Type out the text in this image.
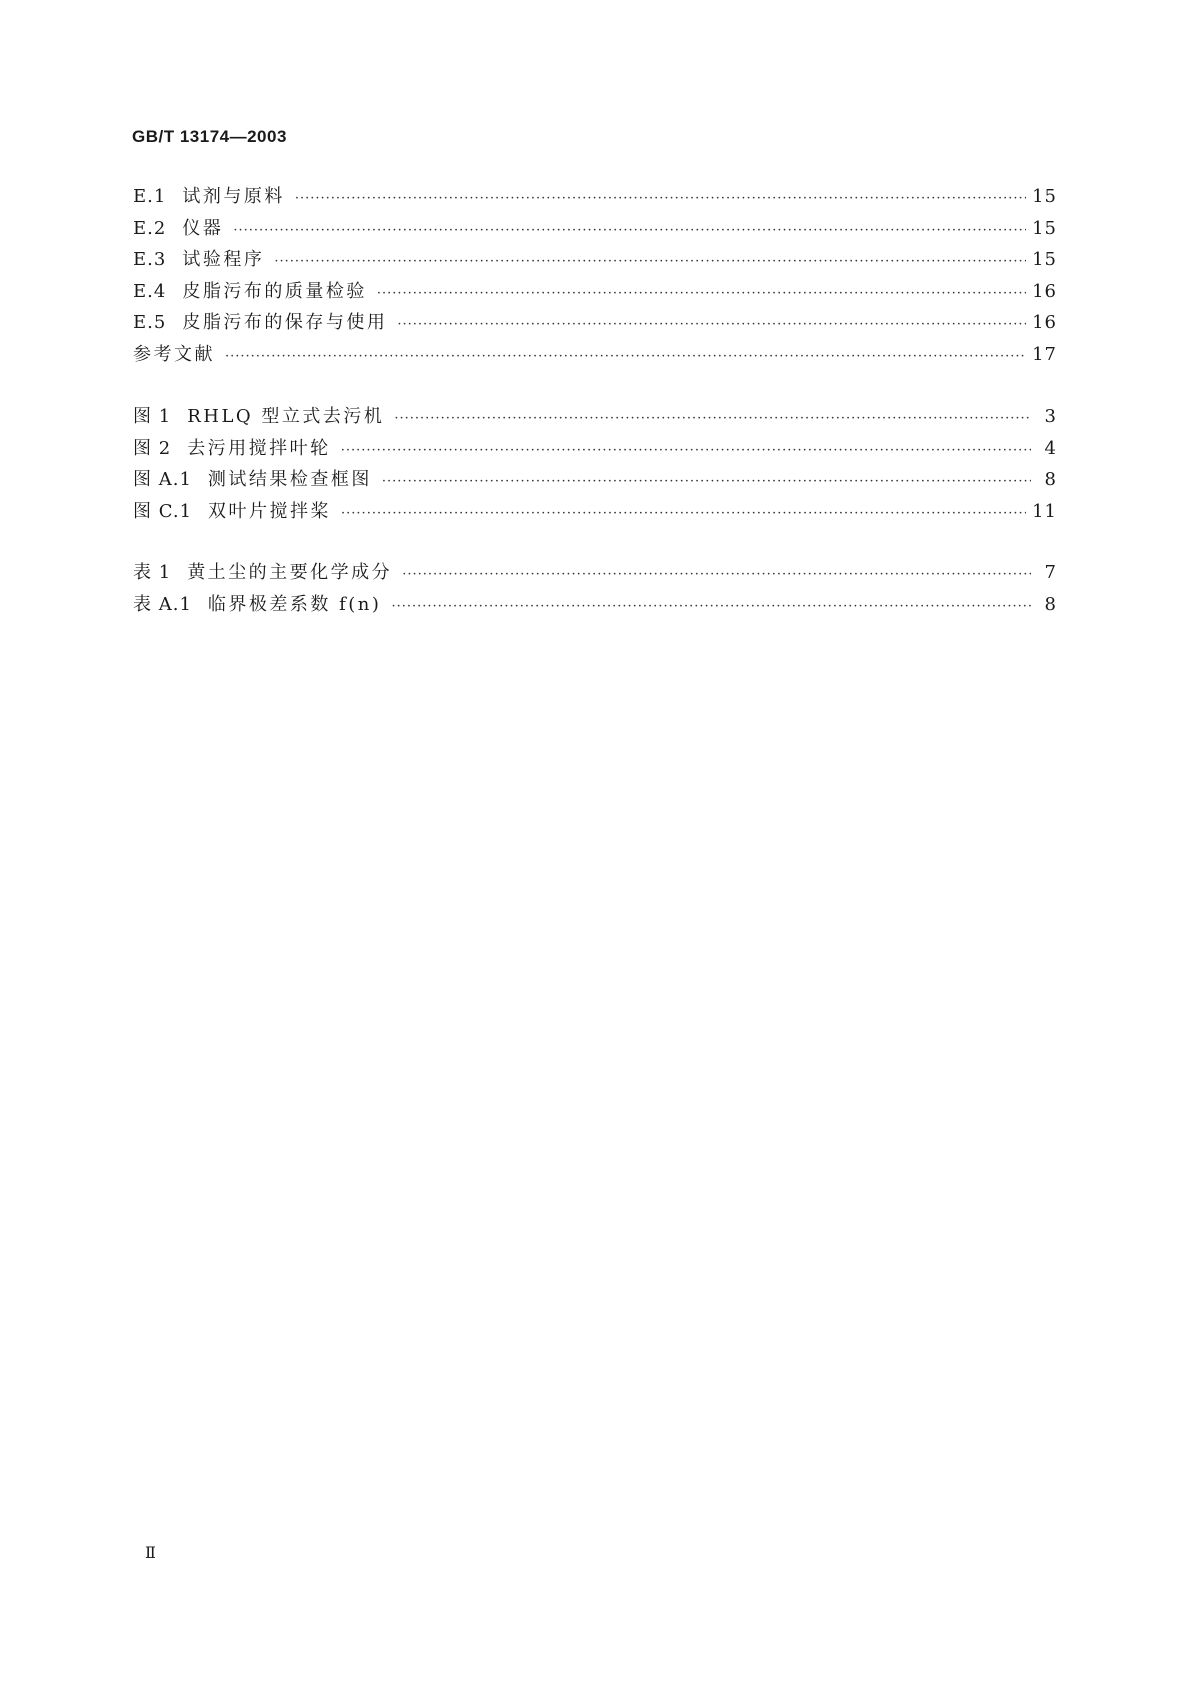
GB/T 13174—2003
E.1 试剂与原料 ·····	15
E.2 仪器 ·····	15
E.3 试验程序 ·····	15
E.4 皮脂污布的质量检验 ·····	16
E.5 皮脂污布的保存与使用 ·····	16
参考文献 ·····	17
图 1 RHLQ 型立式去污机 ·····	3
图 2 去污用搅拌叶轮 ·····	4
图 A.1 测试结果检查框图 ·····	8
图 C.1 双叶片搅拌桨 ·····	11
表 1 黄土尘的主要化学成分 ·····	7
表 A.1 临界极差系数 f(n) ·····	8
Ⅱ
